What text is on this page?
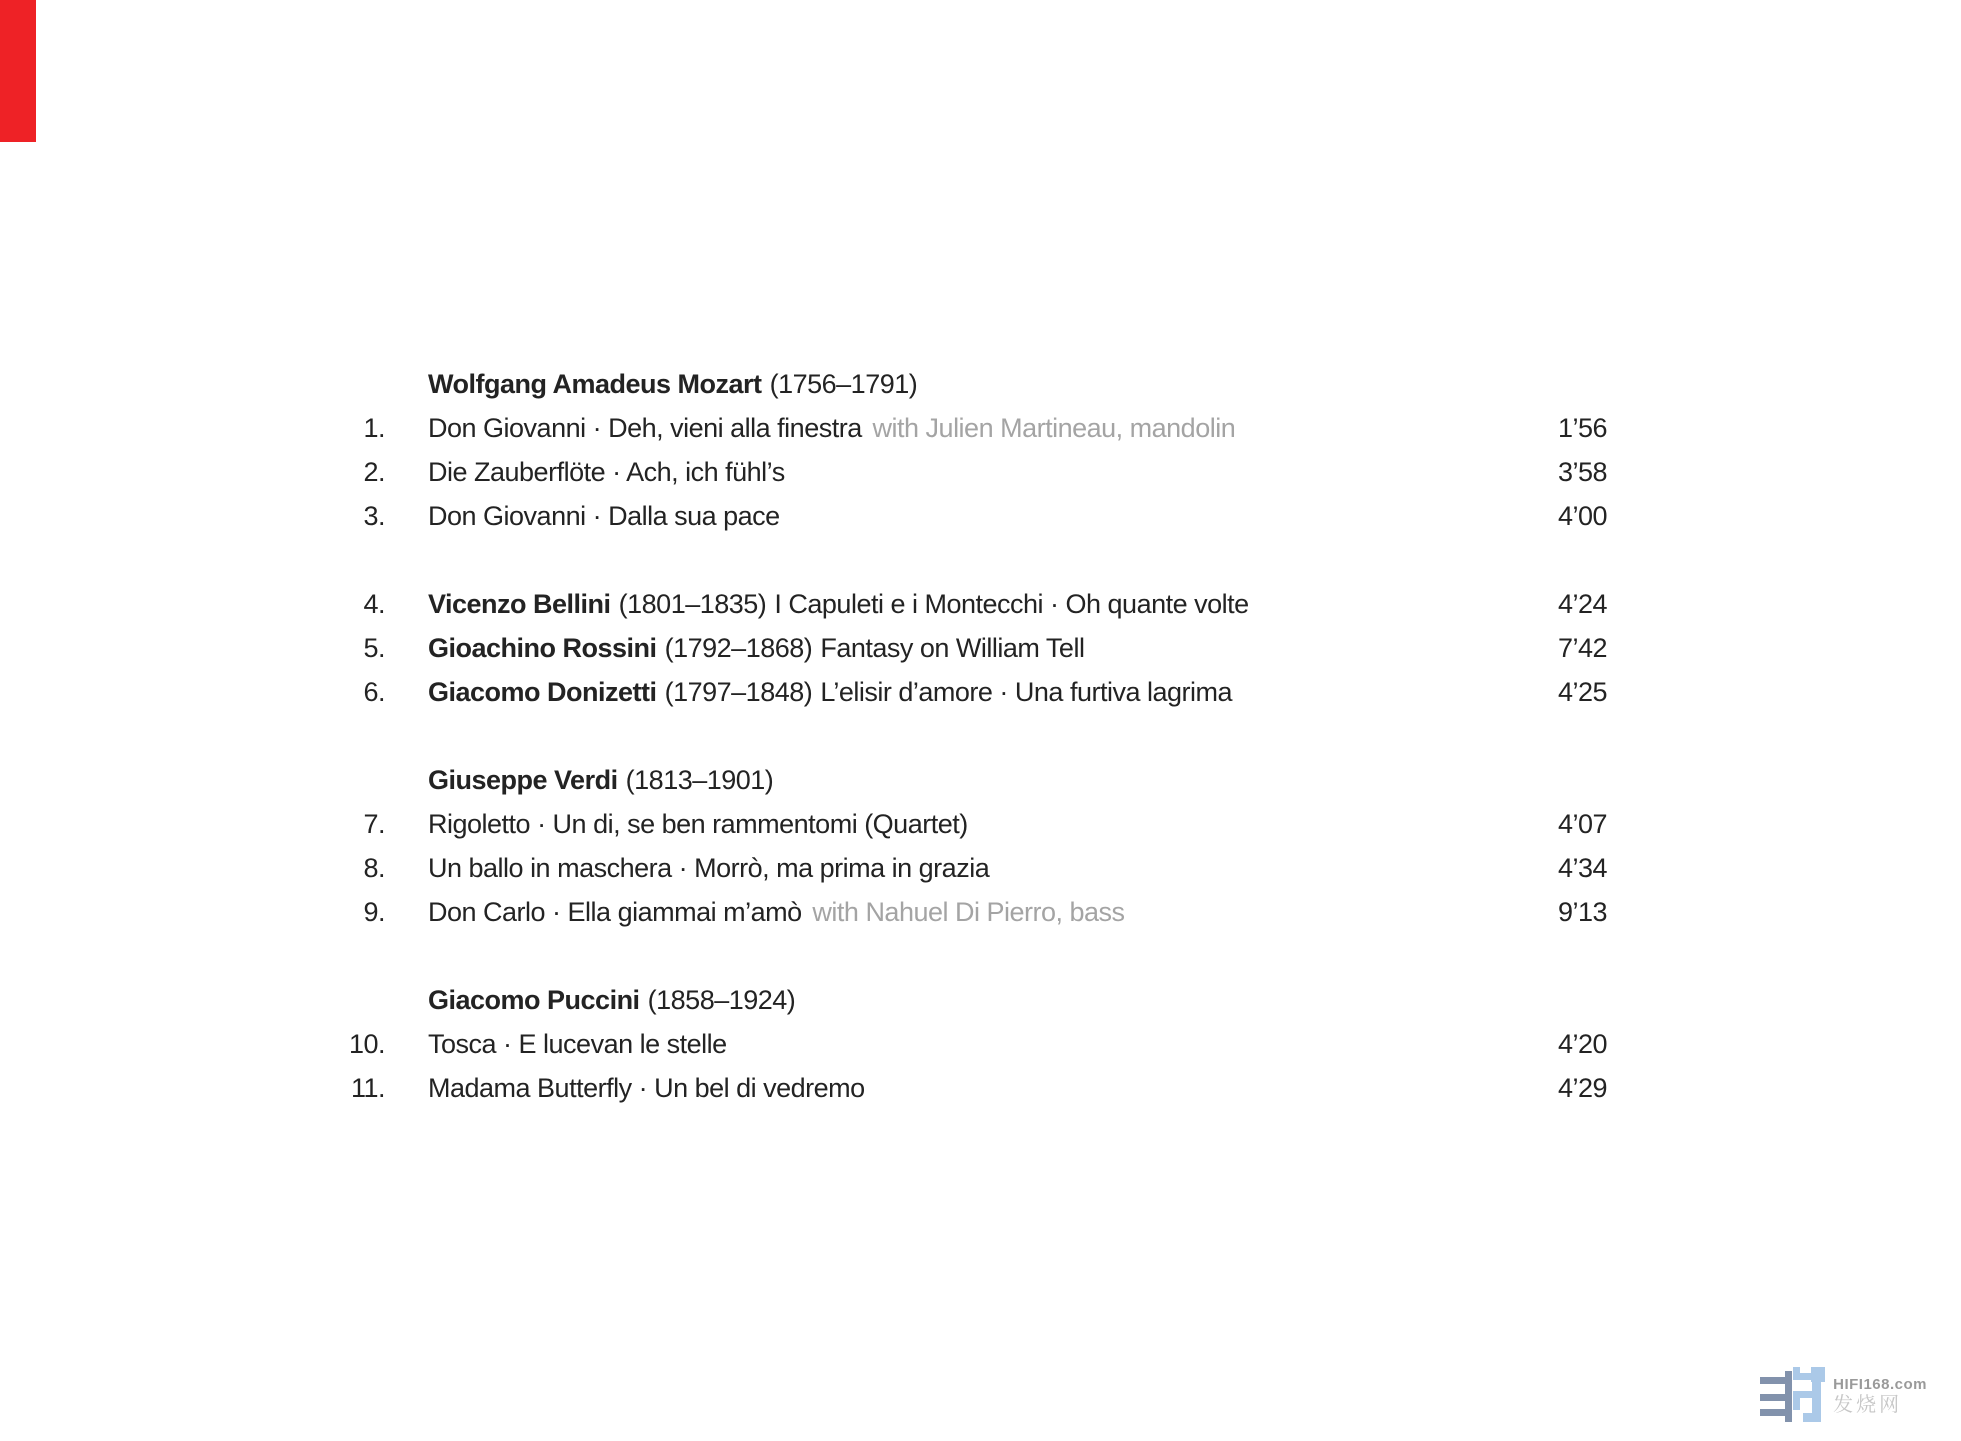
Wolfgang Amadeus Mozart (1756–1791)
1. Don Giovanni · Deh, vieni alla finestra with Julien Martineau, mandolin	1’56
2. Die Zauberflöte · Ach, ich fühl’s	3’58
3. Don Giovanni · Dalla sua pace	4’00
4. Vicenzo Bellini (1801–1835) I Capuleti e i Montecchi · Oh quante volte	4’24
5. Gioachino Rossini (1792–1868) Fantasy on William Tell	7’42
6. Giacomo Donizetti (1797–1848) L’elisir d’amore · Una furtiva lagrima	4’25
Giuseppe Verdi (1813–1901)
7. Rigoletto · Un di, se ben rammentomi (Quartet)	4’07
8. Un ballo in maschera · Morrò, ma prima in grazia	4’34
9. Don Carlo · Ella giammai m’amò with Nahuel Di Pierro, bass	9’13
Giacomo Puccini (1858–1924)
10. Tosca · E lucevan le stelle	4’20
11. Madama Butterfly · Un bel di vedremo	4’29
HIFI168.com
发烧网
